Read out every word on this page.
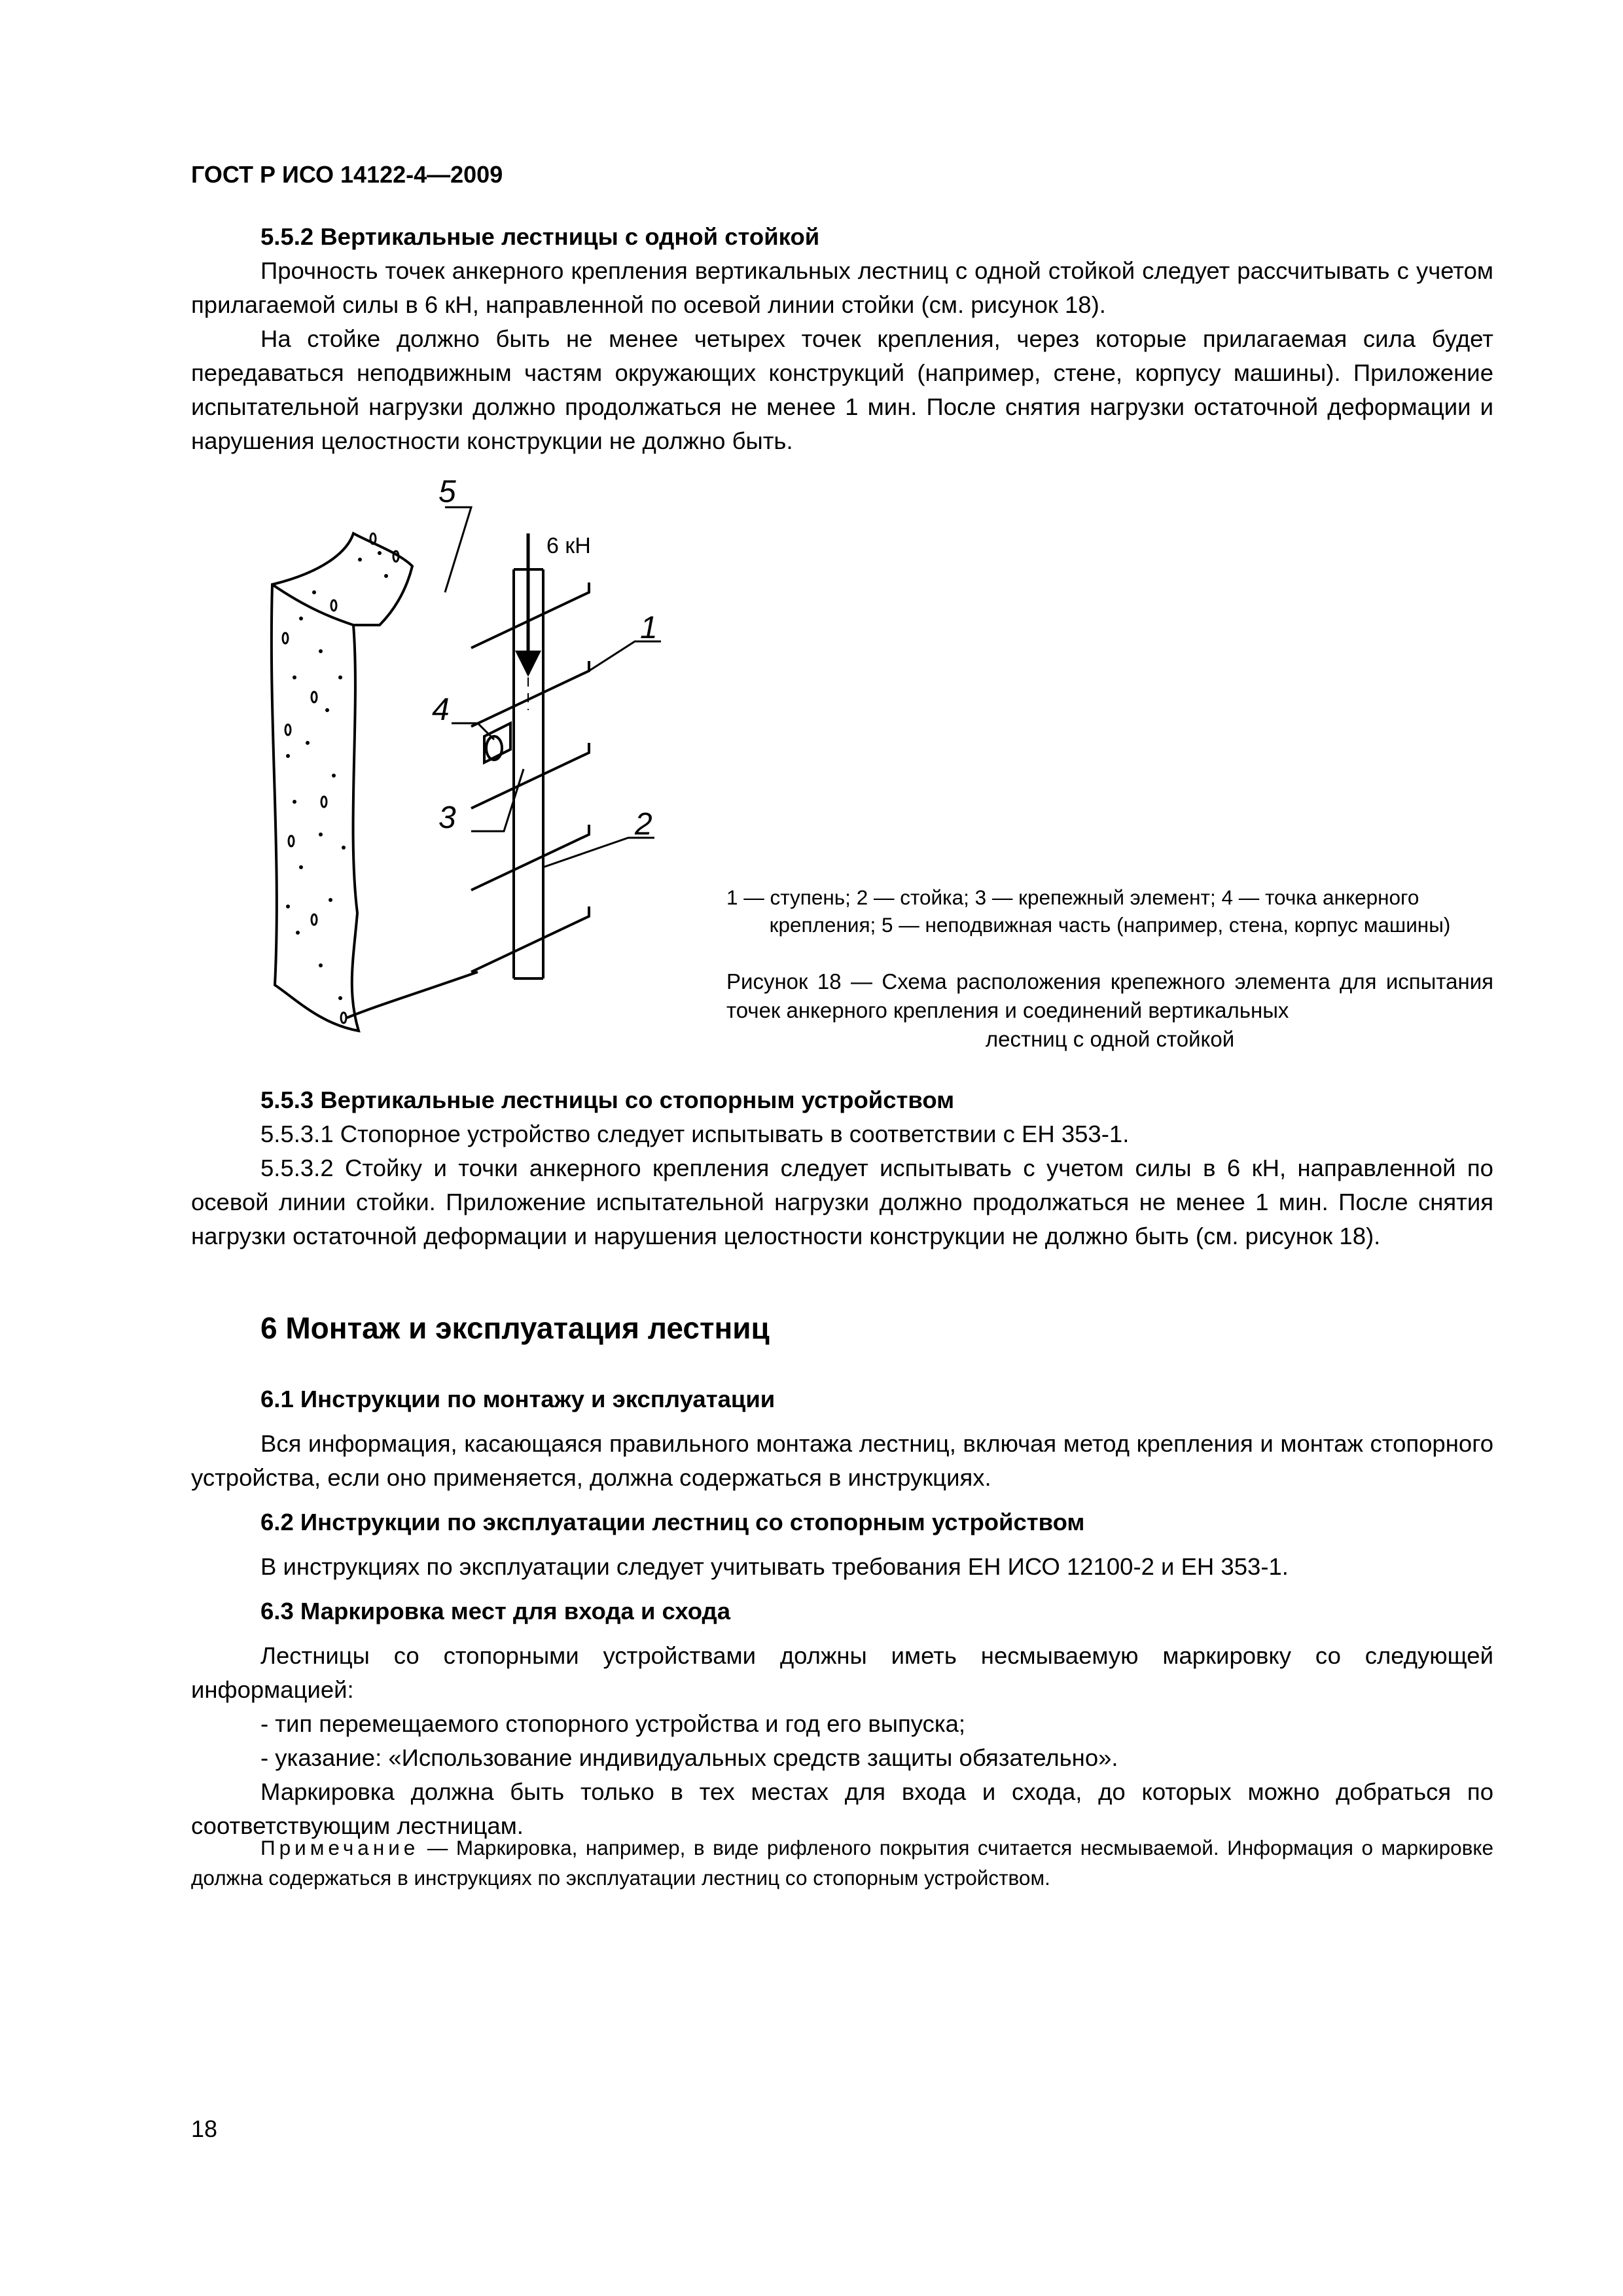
ГОСТ Р ИСО 14122-4—2009

5.5.2 Вертикальные лестницы с одной стойкой

Прочность точек анкерного крепления вертикальных лестниц с одной стойкой следует рассчитывать с учетом прилагаемой силы в 6 кН, направленной по осевой линии стойки (см. рисунок 18).

На стойке должно быть не менее четырех точек крепления, через которые прилагаемая сила будет передаваться неподвижным частям окружающих конструкций (например, стене, корпусу машины). Приложение испытательной нагрузки должно продолжаться не менее 1 мин. После снятия нагрузки остаточной деформации и нарушения целостности конструкции не должно быть.

1
2
3
4
5
6 кН

1 — ступень; 2 — стойка; 3 — крепежный элемент; 4 — точка анкерного

крепления; 5 — неподвижная часть (например, стена, корпус машины)

Рисунок 18 — Схема расположения крепежного элемента для испытания точек анкерного крепления и соединений вертикальных
лестниц с одной стойкой

5.5.3 Вертикальные лестницы со стопорным устройством

5.5.3.1 Стопорное устройство следует испытывать в соответствии с ЕН 353-1.

5.5.3.2 Стойку и точки анкерного крепления следует испытывать с учетом силы в 6 кН, направленной по осевой линии стойки. Приложение испытательной нагрузки должно продолжаться не менее 1 мин. После снятия нагрузки остаточной деформации и нарушения целостности конструкции не должно быть (см. рисунок 18).

6 Монтаж и эксплуатация лестниц

6.1 Инструкции по монтажу и эксплуатации

Вся информация, касающаяся правильного монтажа лестниц, включая метод крепления и монтаж стопорного устройства, если оно применяется, должна содержаться в инструкциях.

6.2 Инструкции по эксплуатации лестниц со стопорным устройством

В инструкциях по эксплуатации следует учитывать требования ЕН ИСО 12100-2 и ЕН 353-1.

6.3 Маркировка мест для входа и схода

Лестницы со стопорными устройствами должны иметь несмываемую маркировку со следующей информацией:

- тип перемещаемого стопорного устройства и год его выпуска;

- указание: «Использование индивидуальных средств защиты обязательно».

Маркировка должна быть только в тех местах для входа и схода, до которых можно добраться по соответствующим лестницам.

Примечание — Маркировка, например, в виде рифленого покрытия считается несмываемой. Информация о маркировке должна содержаться в инструкциях по эксплуатации лестниц со стопорным устройством.

18
